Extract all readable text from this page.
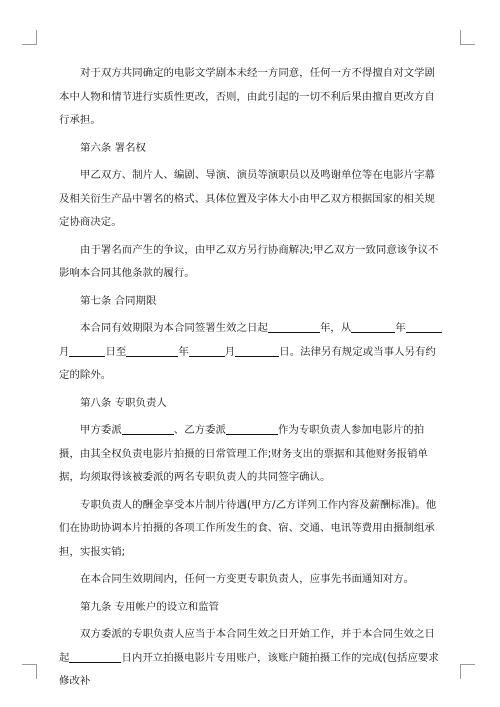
对于双方共同确定的电影文学剧本未经一方同意，任何一方不得擅自对文学剧本中人物和情节进行实质性更改，否则，由此引起的一切不利后果由擅自更改方自行承担。

第六条 署名权

甲乙双方、制片人、编剧、导演、演员等演职员以及鸣谢单位等在电影片字幕及相关衍生产品中署名的格式、具体位置及字体大小由甲乙双方根据国家的相关规定协商决定。

由于署名而产生的争议，由甲乙双方另行协商解决;甲乙双方一致同意该争议不影响本合同其他条款的履行。

第七条 合同期限

本合同有效期限为本合同签署生效之日起	年，从	年月	日至	年	月	日。法律另有规定或当事人另有约定的除外。

第八条 专职负责人

甲方委派	、乙方委派	作为专职负责人参加电影片的拍摄，由其全权负责电影片拍摄的日常管理工作;财务支出的票据和其他财务报销单据，均须取得该被委派的两名专职负责人的共同签字确认。

专职负责人的酬金享受本片制片待遇(甲方/乙方详列工作内容及薪酬标准)。他们在协助协调本片拍摄的各项工作所发生的食、宿、交通、电讯等费用由摄制组承担，实报实销;

在本合同生效期间内，任何一方变更专职负责人，应事先书面通知对方。

第九条 专用帐户的设立和监管

双方委派的专职负责人应当于本合同生效之日开始工作，并于本合同生效之日起	日内开立拍摄电影片专用账户，该账户随拍摄工作的完成(包括应要求修改补
